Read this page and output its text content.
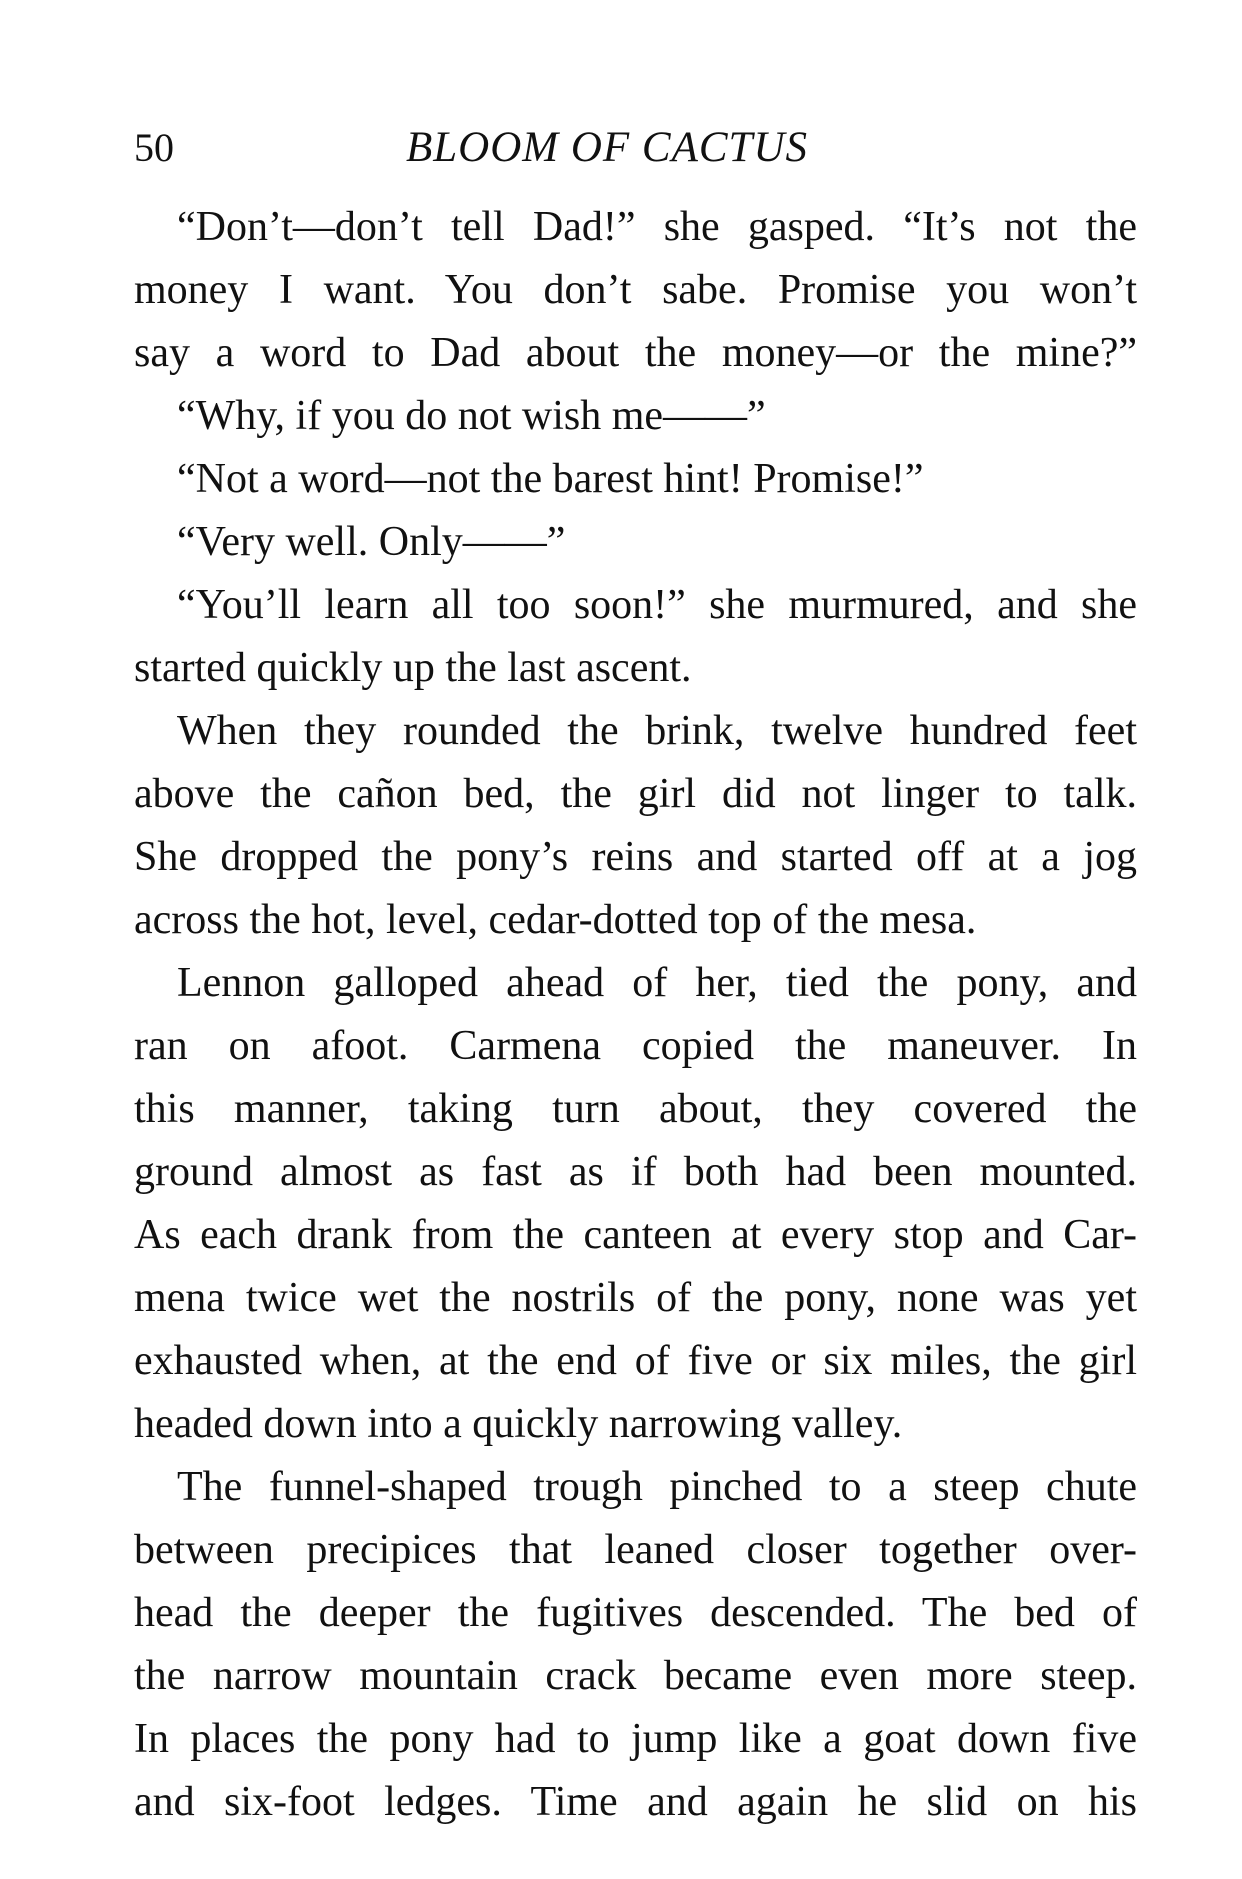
50	BLOOM OF CACTUS
“Don’t—don’t tell Dad!” she gasped. “It’s not the
money I want. You don’t sabe. Promise you won’t
say a word to Dad about the money—or the mine?”
“Why, if you do not wish me——”
“Not a word—not the barest hint! Promise!”
“Very well. Only——”
“You’ll learn all too soon!” she murmured, and she
started quickly up the last ascent.
When they rounded the brink, twelve hundred feet
above the cañon bed, the girl did not linger to talk.
She dropped the pony’s reins and started off at a jog
across the hot, level, cedar-dotted top of the mesa.
Lennon galloped ahead of her, tied the pony, and
ran on afoot. Carmena copied the maneuver. In
this manner, taking turn about, they covered the
ground almost as fast as if both had been mounted.
As each drank from the canteen at every stop and Car-
mena twice wet the nostrils of the pony, none was yet
exhausted when, at the end of five or six miles, the girl
headed down into a quickly narrowing valley.
The funnel-shaped trough pinched to a steep chute
between precipices that leaned closer together over-
head the deeper the fugitives descended. The bed of
the narrow mountain crack became even more steep.
In places the pony had to jump like a goat down five
and six-foot ledges. Time and again he slid on his
